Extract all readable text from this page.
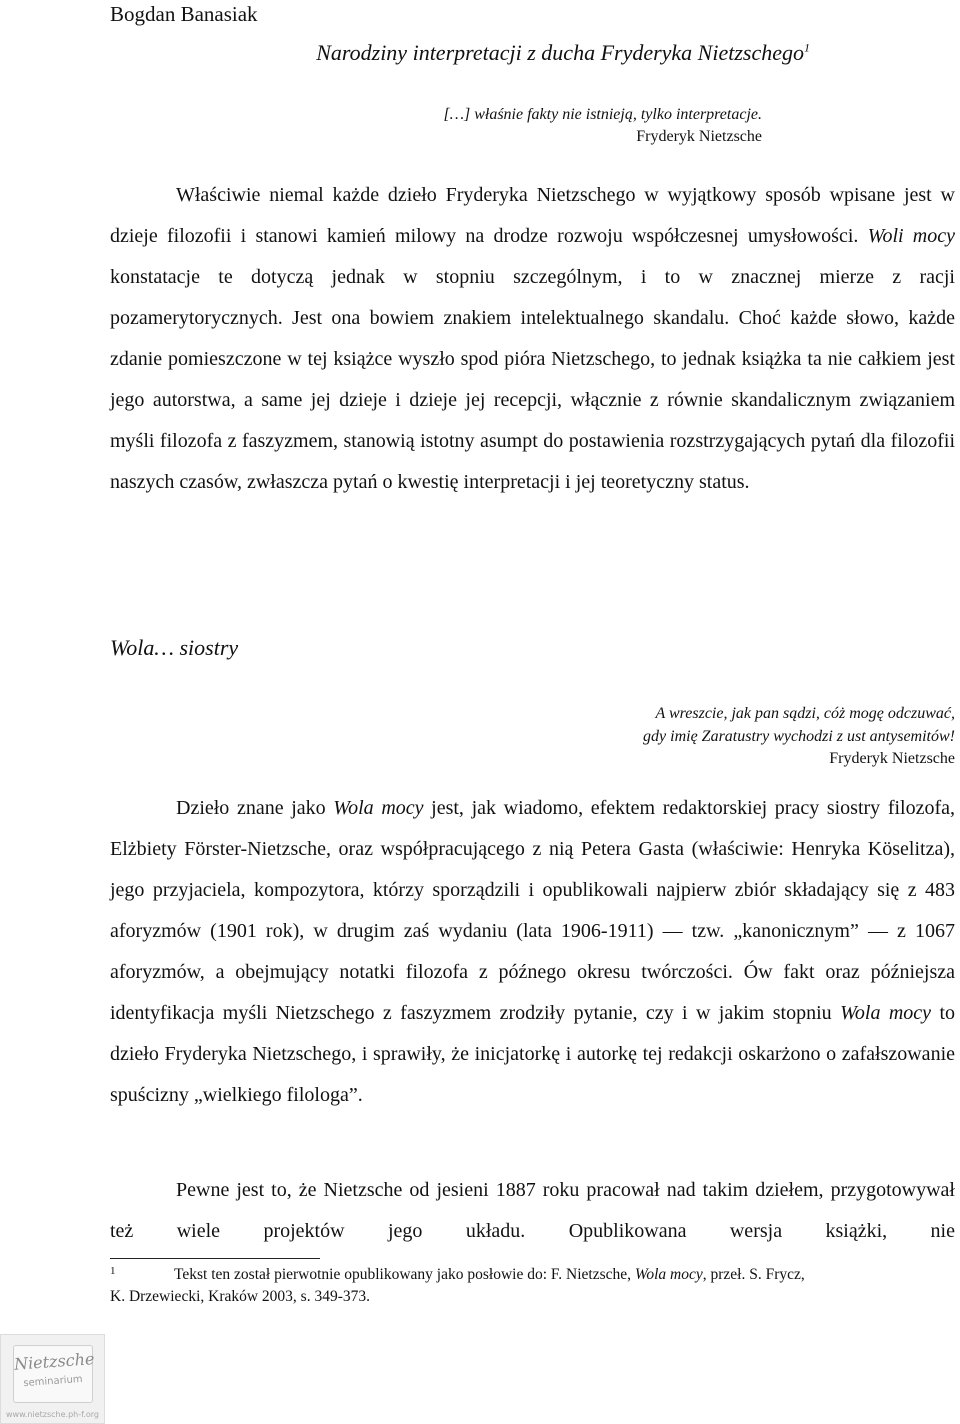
Bogdan Banasiak
Narodziny interpretacji z ducha Fryderyka Nietzschego$^1$
[…] właśnie fakty nie istnieją, tylko interpretacje.
Fryderyk Nietzsche

Właściwie niemal każde dzieło Fryderyka Nietzschego w wyjątkowy sposób wpisane jest w dzieje filozofii i stanowi kamień milowy na drodze rozwoju współczesnej umysłowości. Woli mocy konstatacje te dotyczą jednak w stopniu szczególnym, i to w znacznej mierze z racji pozamerytorycznych. Jest ona bowiem znakiem intelektualnego skandalu. Choć każde słowo, każde zdanie pomieszczone w tej książce wyszło spod pióra Nietzschego, to jednak książka ta nie całkiem jest jego autorstwa, a same jej dzieje i dzieje jej recepcji, włącznie z równie skandalicznym związaniem myśli filozofa z faszyzmem, stanowią istotny asumpt do postawienia rozstrzygających pytań dla filozofii naszych czasów, zwłaszcza pytań o kwestię interpretacji i jej teoretyczny status.

Wola… siostry
A wreszcie, jak pan sądzi, cóż mogę odczuwać,
gdy imię Zaratustry wychodzi z ust antysemitów!
Fryderyk Nietzsche

Dzieło znane jako Wola mocy jest, jak wiadomo, efektem redaktorskiej pracy siostry filozofa, Elżbiety Förster-Nietzsche, oraz współpracującego z nią Petera Gasta (właściwie: Henryka Köselitza), jego przyjaciela, kompozytora, którzy sporządzili i opublikowali najpierw zbiór składający się z 483 aforyzmów (1901 rok), w drugim zaś wydaniu (lata 1906-1911) — tzw. „kanonicznym” — z 1067 aforyzmów, a obejmujący notatki filozofa z późnego okresu twórczości. Ów fakt oraz późniejsza identyfikacja myśli Nietzschego z faszyzmem zrodziły pytanie, czy i w jakim stopniu Wola mocy to dzieło Fryderyka Nietzschego, i sprawiły, że inicjatorkę i autorkę tej redakcji oskarżono o zafałszowanie spuścizny „wielkiego filologa”.

Pewne jest to, że Nietzsche od jesieni 1887 roku pracował nad takim dziełem, przygotowywał też wiele projektów jego układu. Opublikowana wersja książki, nie

1	Tekst ten został pierwotnie opublikowany jako posłowie do: F. Nietzsche, Wola mocy, przeł. S. Frycz,

K. Drzewiecki, Kraków 2003, s. 349-373.

Nietzsche
seminarium
www.nietzsche.ph-f.org
